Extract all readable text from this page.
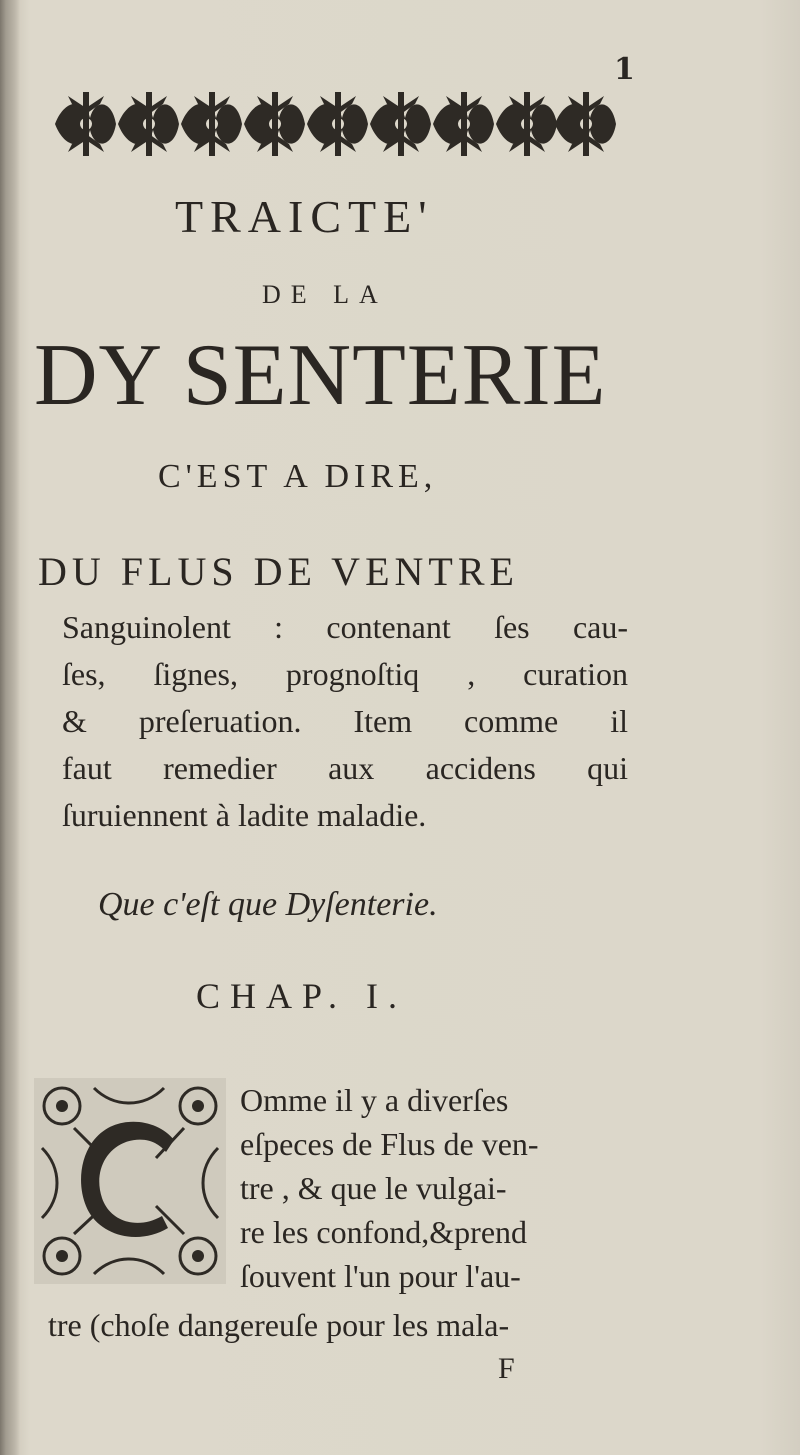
1
TRAICTE'
DE LA
DY SENTERIE
C'EST A DIRE,
DU FLUS DE VENTRE
Sanguinolent : contenant ſes cau-
ſes, ſignes, prognoſtiq , curation
& preſeruation. Item comme il
faut remedier aux accidens qui
ſuruiennent à ladite maladie.
Que c'eſt que Dyſenterie.
CHAP. I.
Omme il y a diverſes
eſpeces de Flus de ven-
tre , & que le vulgai-
re les confond,&prend
ſouvent l'un pour l'au-
tre (choſe dangereuſe pour les mala-
F
